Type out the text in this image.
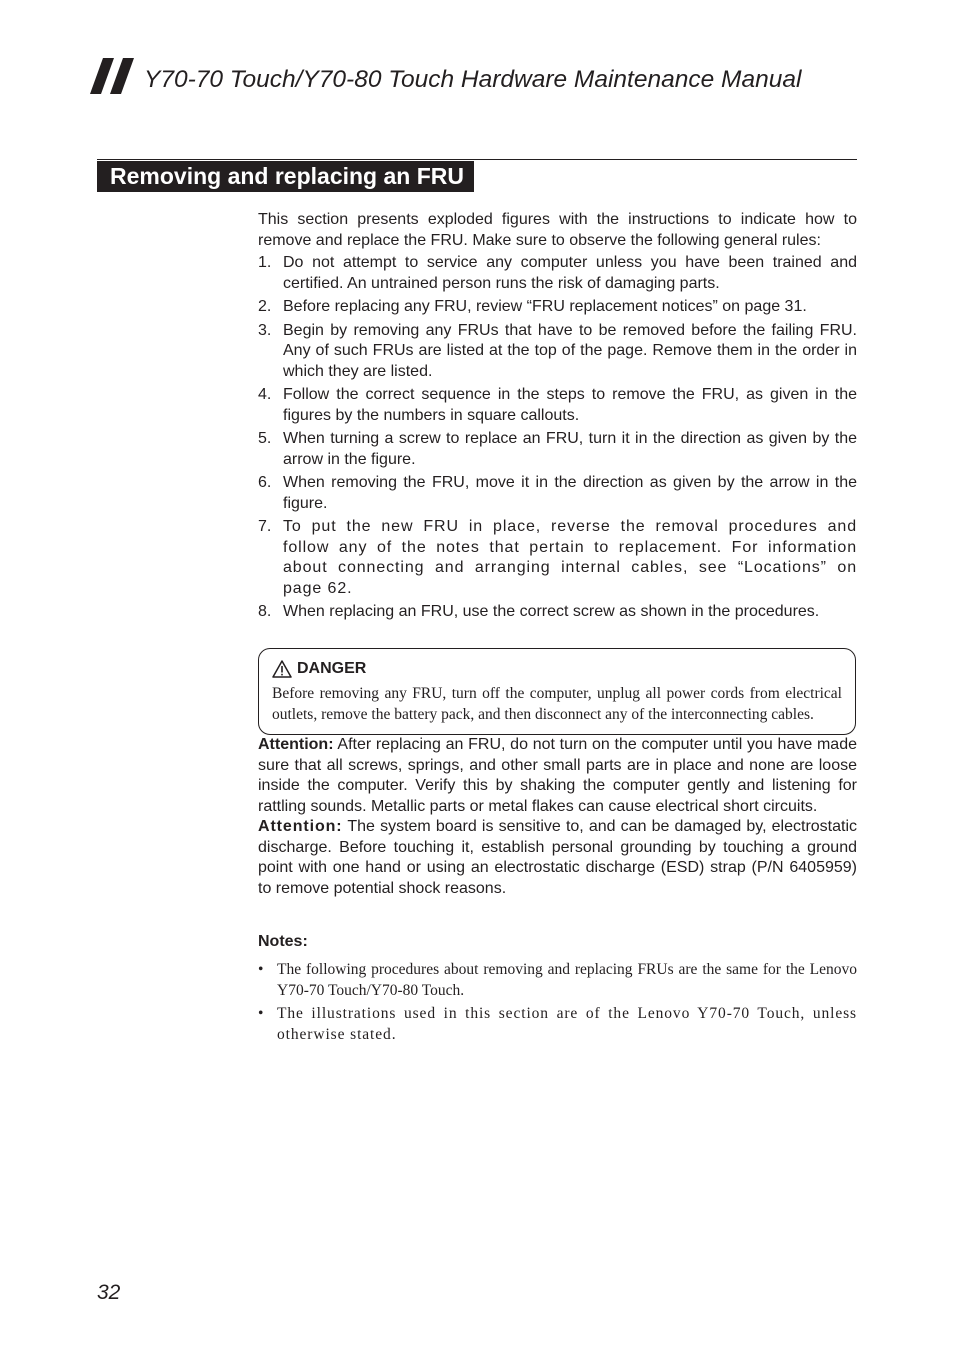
Y70-70 Touch/Y70-80 Touch Hardware Maintenance Manual
Removing and replacing an FRU

This section presents exploded figures with the instructions to indicate how to remove and replace the FRU. Make sure to observe the following general rules:

1. Do not attempt to service any computer unless you have been trained and certified. An untrained person runs the risk of damaging parts.
2. Before replacing any FRU, review “FRU replacement notices” on page 31.
3. Begin by removing any FRUs that have to be removed before the failing FRU. Any of such FRUs are listed at the top of the page. Remove them in the order in which they are listed.
4. Follow the correct sequence in the steps to remove the FRU, as given in the figures by the numbers in square callouts.
5. When turning a screw to replace an FRU, turn it in the direction as given by the arrow in the figure.
6. When removing the FRU, move it in the direction as given by the arrow in the figure.
7. To put the new FRU in place, reverse the removal procedures and follow any of the notes that pertain to replacement. For information about connecting and arranging internal cables, see “Locations” on page 62.
8. When replacing an FRU, use the correct screw as shown in the procedures.
DANGER
Before removing any FRU, turn off the computer, unplug all power cords from electrical outlets, remove the battery pack, and then disconnect any of the interconnecting cables.

Attention: After replacing an FRU, do not turn on the computer until you have made sure that all screws, springs, and other small parts are in place and none are loose inside the computer. Verify this by shaking the computer gently and listening for rattling sounds. Metallic parts or metal flakes can cause electrical short circuits.

Attention: The system board is sensitive to, and can be damaged by, electrostatic discharge. Before touching it, establish personal grounding by touching a ground point with one hand or using an electrostatic discharge (ESD) strap (P/N 6405959) to remove potential shock reasons.

Notes:
• The following procedures about removing and replacing FRUs are the same for the Lenovo Y70-70 Touch/Y70-80 Touch.
• The illustrations used in this section are of the Lenovo Y70-70 Touch, unless otherwise stated.
32
